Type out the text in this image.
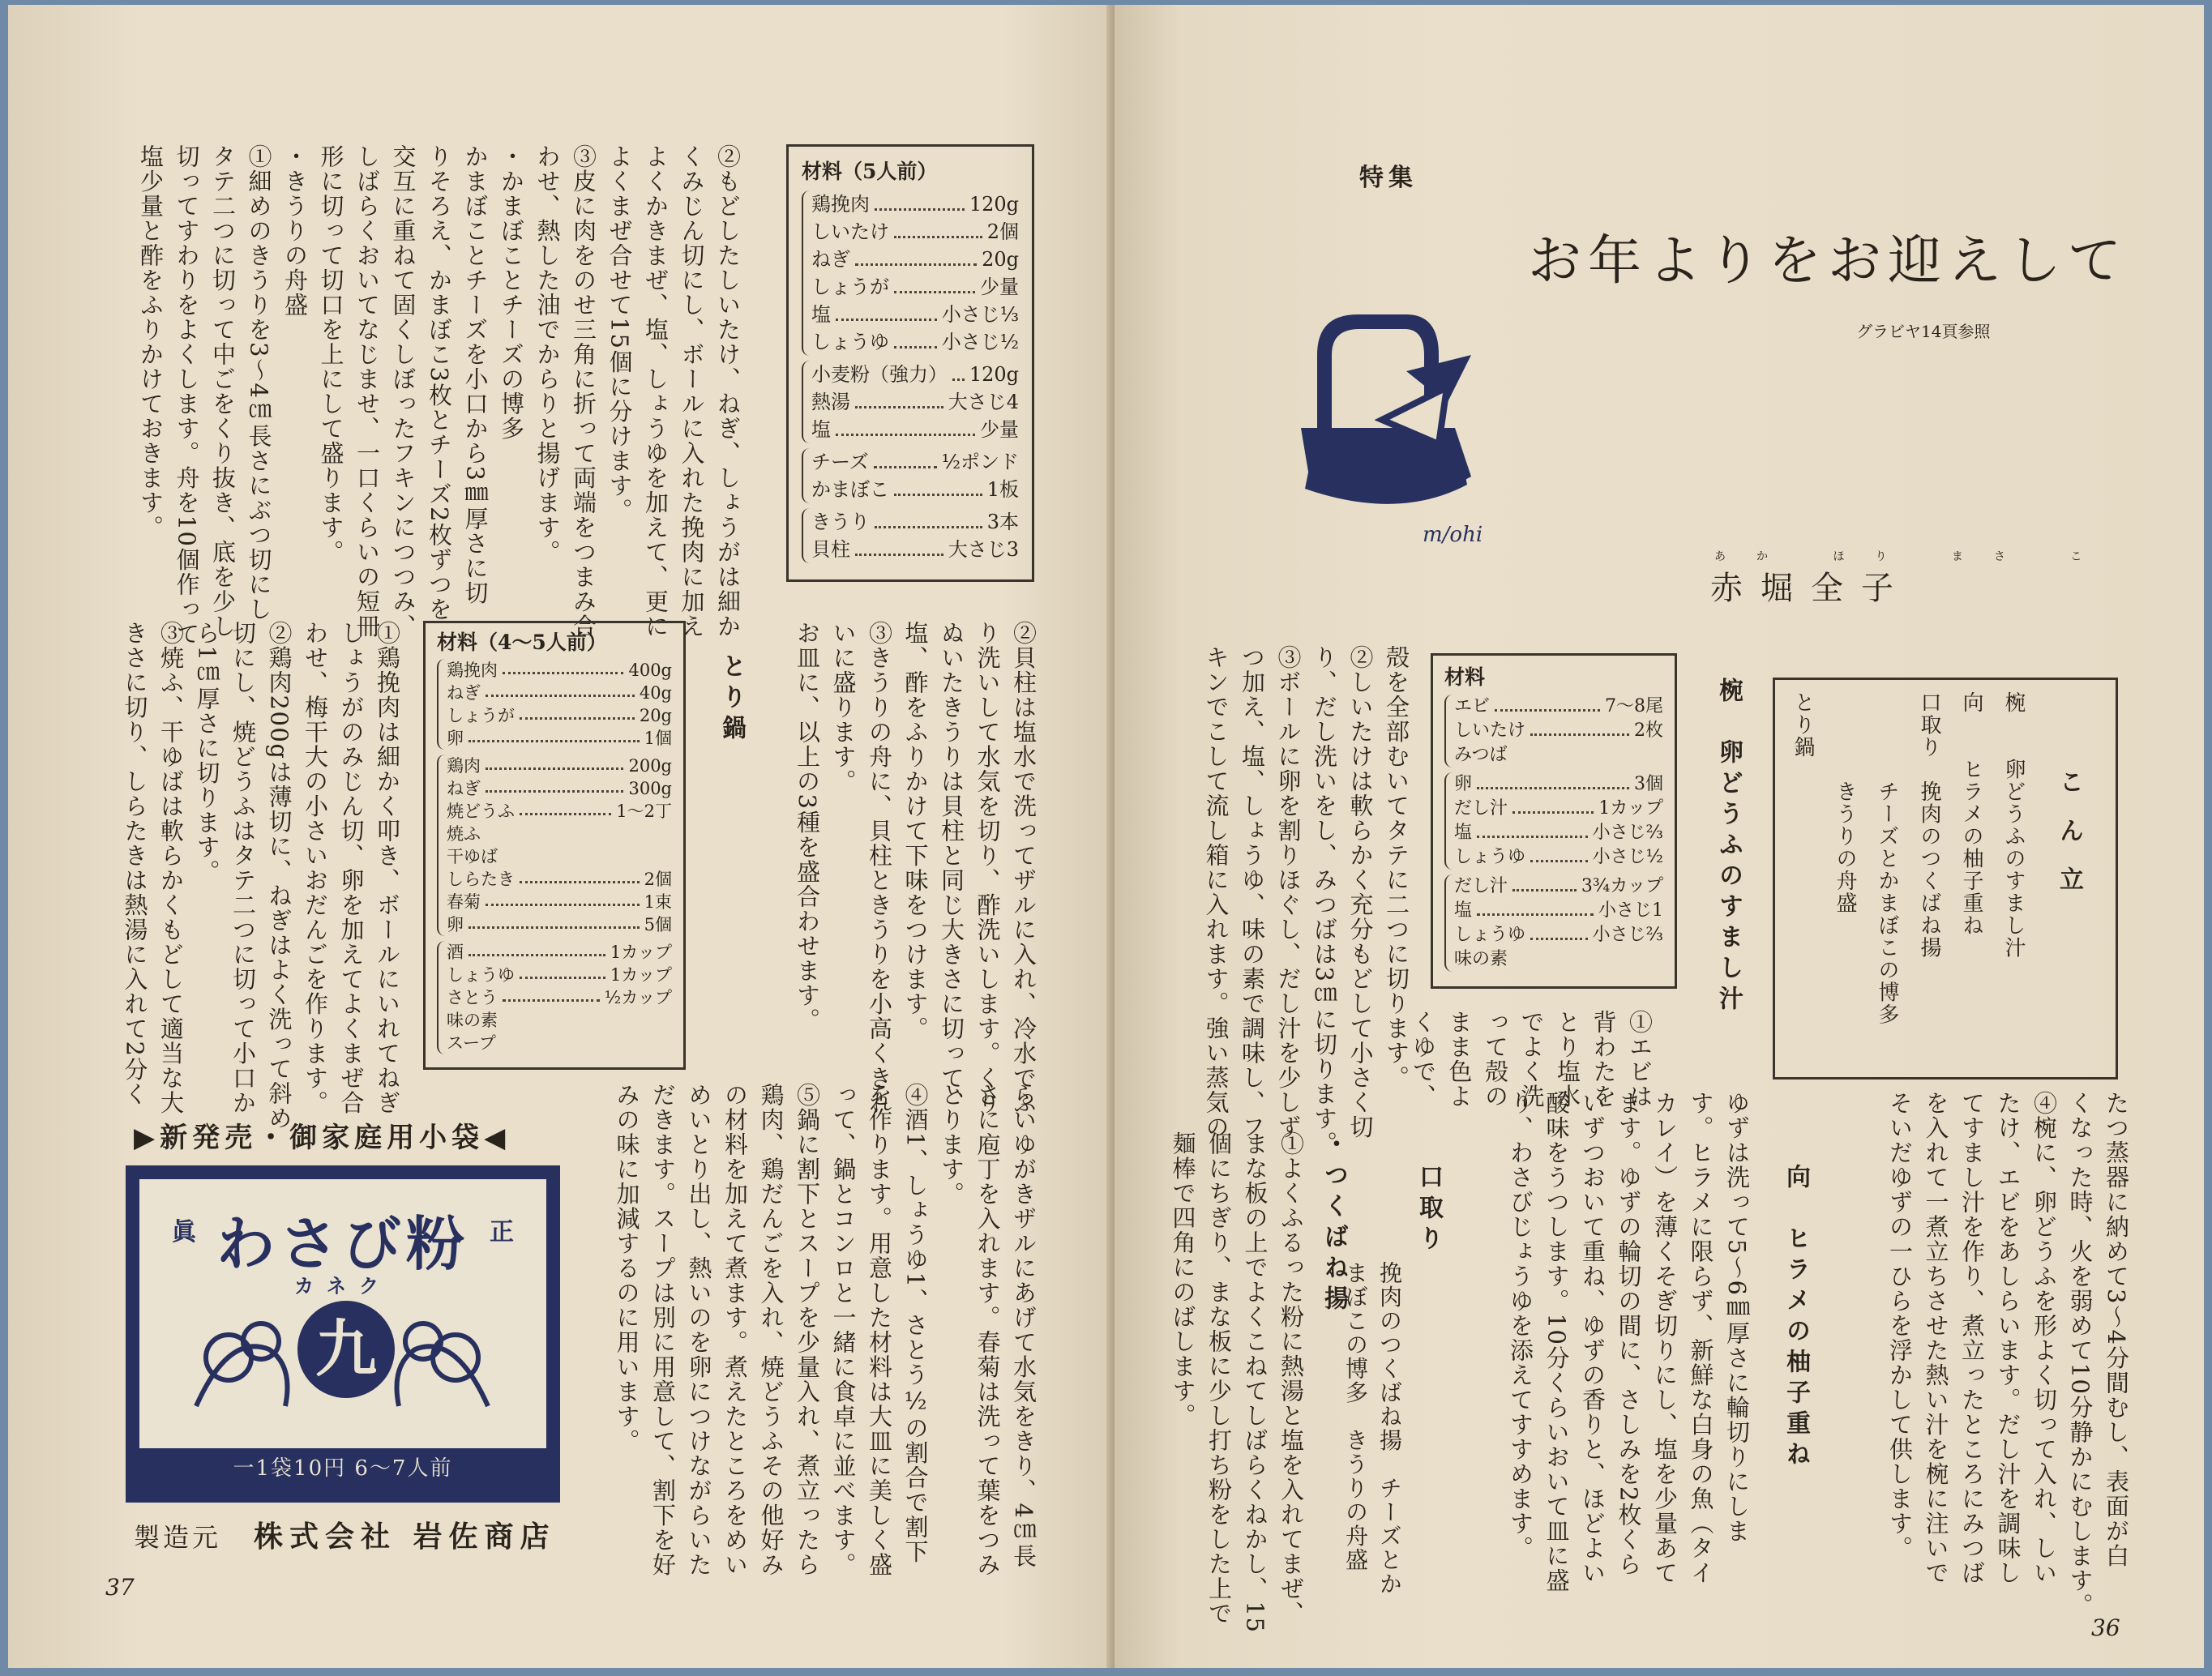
材料（5人前）
鶏挽肉	120g
しいたけ	2個
ねぎ	20g
しょうが	少量
塩	小さじ⅓
しょうゆ	小さじ½
小麦粉（強力） 120g
熱湯	大さじ4
塩	少量
チーズ	½ポンド
かまぼこ	1板
きうり	3本
貝柱	大さじ3

②もどしたしいたけ、ねぎ、しょうがは細か

くみじん切にし、ボールに入れた挽肉に加え

よくかきまぜ、塩、しょうゆを加えて、更に

よくまぜ合せて15個に分けます。

③皮に肉をのせ三角に折って両端をつまみ合

わせ、熱した油でからりと揚げます。

・かまぼことチーズの博多

かまぼことチーズを小口から3㎜厚さに切

りそろえ、かまぼこ3枚とチーズ2枚ずつを

交互に重ねて固くしぼったフキンにつつみ、

しばらくおいてなじませ、一口くらいの短冊

形に切って切口を上にして盛ります。

・きうりの舟盛

①細めのきうりを3～4㎝長さにぶつ切にし

タテ二つに切って中ごをくり抜き、底を少し

切ってすわりをよくします。舟を10個作って

塩少量と酢をふりかけておきます。

材料（4～5人前）
鶏挽肉	400g
ねぎ	40g
しょうが	20g
卵	1個
鶏肉	200g
ねぎ	300g
焼どうふ	1～2丁
焼ふ
干ゆば
しらたき	2個
春菊	1束
卵	5個
酒	1カップ
しょうゆ	1カップ
さとう	½カップ
味の素
スープ	②貝柱は塩水で洗ってザルに入れ、冷水でふ

り洗いして水気を切り、酢洗いします。くり

ぬいたきうりは貝柱と同じ大きさに切って、

塩、酢をふりかけて下味をつけます。

③きうりの舟に、貝柱ときうりを小高くきれ

いに盛ります。

お皿に、以上の3種を盛合わせます。

とり鍋

①鶏挽肉は細かく叩き、ボールにいれてねぎ

しょうがのみじん切、卵を加えてよくまぜ合

わせ、梅干大の小さいおだんごを作ります。

②鶏肉200gは薄切に、ねぎはよく洗って斜め

切にし、焼どうふはタテ二つに切って小口か

ら1㎝厚さに切ります。

③焼ふ、干ゆばは軟らかくもどして適当な大

きさに切り、しらたきは熱湯に入れて2分く

らいゆがきザルにあげて水気をきり、4㎝長

さに庖丁を入れます。春菊は洗って葉をつみ

とります。

④酒1、しょうゆ1、さとう½の割合で割下

を作ります。用意した材料は大皿に美しく盛

って、鍋とコンロと一緒に食卓に並べます。

⑤鍋に割下とスープを少量入れ、煮立ったら

鶏肉、鶏だんごを入れ、焼どうふその他好み

の材料を加えて煮ます。煮えたところをめい

めいとり出し、熱いのを卵につけながらいた

だきます。スープは別に用意して、割下を好

みの味に加減するのに用います。

▶新発売・御家庭用小袋◀
眞	正
わさび粉
カネク
九
一1袋10円 6～7人前
製造元 株式会社 岩佐商店
37
特集
お年よりをお迎えして
グラビヤ14頁参照
m/ohi
あか ほり まさ こ
赤堀全子
こん立

椀　　卵どうふのすまし汁

向　　ヒラメの柚子重ね

口取り　挽肉のつくばね揚

　　　　チーズとかまぼこの博多

　　　　きうりの舟盛

とり鍋

椀　卵どうふのすまし汁
材料
エビ	7～8尾
しいたけ	2枚
みつば
卵	3個
だし汁	1カップ
塩	小さじ⅔
しょうゆ	小さじ½
だし汁	3¾カップ
塩	小さじ1
しょうゆ	小さじ⅔
味の素

①エビは

背わたを

とり塩水

でよく洗

って殻の

まま色よ

くゆで、

殻を全部むいてタテに二つに切ります。

②しいたけは軟らかく充分もどして小さく切

り、だし洗いをし、みつばは3㎝に切ります。

③ボールに卵を割りほぐし、だし汁を少しず

つ加え、塩、しょうゆ、味の素で調味し、フ

キンでこして流し箱に入れます。強い蒸気の

たつ蒸器に納めて3～4分間むし、表面が白

くなった時、火を弱めて10分静かにむします。

④椀に、卵どうふを形よく切って入れ、しい

たけ、エビをあしらいます。だし汁を調味し

てすまし汁を作り、煮立ったところにみつば

を入れて一煮立ちさせた熱い汁を椀に注いで

そいだゆずの一ひらを浮かして供します。

向　ヒラメの柚子重ね

ゆずは洗って5～6㎜厚さに輪切りにしま

す。ヒラメに限らず、新鮮な白身の魚（タイ

カレイ）を薄くそぎ切りにし、塩を少量あて

ます。ゆずの輪切の間に、さしみを2枚くら

いずつおいて重ね、ゆずの香りと、ほどよい

酸味をうつします。10分くらいおいて皿に盛

り、わさびじょうゆを添えてすすめます。

口取り
挽肉のつくばね揚　チーズとかまぼこの博多　きうりの舟盛
・つくばね揚

①よくふるった粉に熱湯と塩を入れてまぜ、

まな板の上でよくこねてしばらくねかし、15

個にちぎり、まな板に少し打ち粉をした上で

麺棒で四角にのばします。

36
